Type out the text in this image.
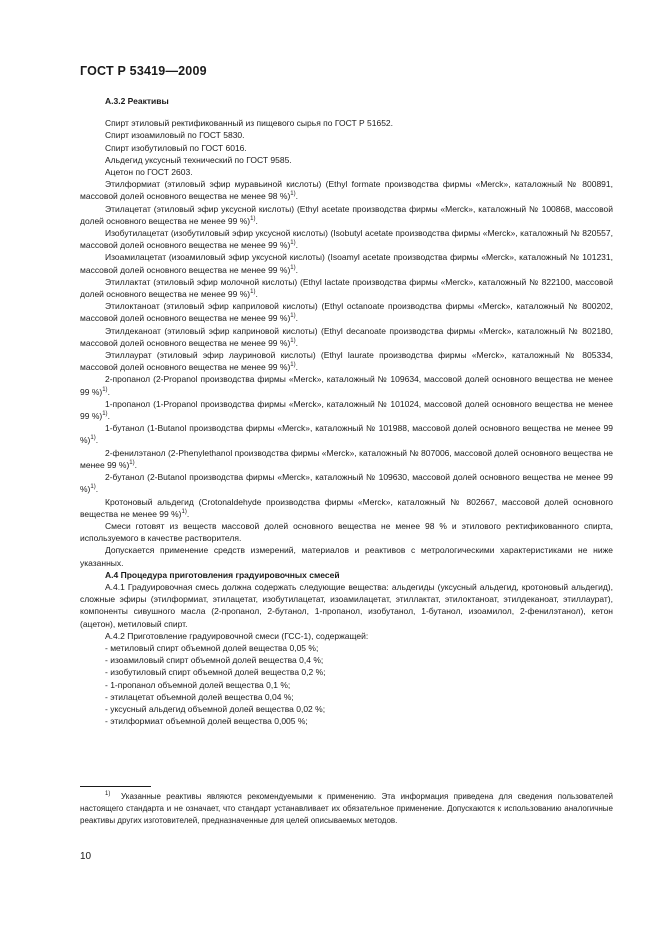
ГОСТ Р 53419—2009
А.3.2 Реактивы

Спирт этиловый ректификованный из пищевого сырья по ГОСТ Р 51652.

Спирт изоамиловый по ГОСТ 5830.

Спирт изобутиловый по ГОСТ 6016.

Альдегид уксусный технический по ГОСТ 9585.

Ацетон по ГОСТ 2603.

Этилформиат (этиловый эфир муравьиной кислоты) (Ethyl formate производства фирмы «Merck», каталожный № 800891, массовой долей основного вещества не менее 98 %)$^{1)}$.

Этилацетат (этиловый эфир уксусной кислоты) (Ethyl acetate производства фирмы «Merck», каталожный № 100868, массовой долей основного вещества не менее 99 %)$^{1)}$.

Изобутилацетат (изобутиловый эфир уксусной кислоты) (Isobutyl acetate производства фирмы «Merck», каталожный № 820557, массовой долей основного вещества не менее 99 %)$^{1)}$.

Изоамилацетат (изоамиловый эфир уксусной кислоты) (Isoamyl acetate производства фирмы «Merck», каталожный № 101231, массовой долей основного вещества не менее 99 %)$^{1)}$.

Этиллактат (этиловый эфир молочной кислоты) (Ethyl lactate производства фирмы «Merck», каталожный № 822100, массовой долей основного вещества не менее 99 %)$^{1)}$.

Этилоктаноат (этиловый эфир каприловой кислоты) (Ethyl octanoate производства фирмы «Merck», каталожный № 800202, массовой долей основного вещества не менее 99 %)$^{1)}$.

Этилдеканоат (этиловый эфир каприновой кислоты) (Ethyl decanoate производства фирмы «Merck», каталожный № 802180, массовой долей основного вещества не менее 99 %)$^{1)}$.

Этиллаурат (этиловый эфир лауриновой кислоты) (Ethyl laurate производства фирмы «Merck», каталожный № 805334, массовой долей основного вещества не менее 99 %)$^{1)}$.

2-пропанол (2-Propanol производства фирмы «Merck», каталожный № 109634, массовой долей основного вещества не менее 99 %)$^{1)}$.

1-пропанол (1-Propanol производства фирмы «Merck», каталожный № 101024, массовой долей основного вещества не менее 99 %)$^{1)}$.

1-бутанол (1-Butanol производства фирмы «Merck», каталожный № 101988, массовой долей основного вещества не менее 99 %)$^{1)}$.

2-фенилэтанол (2-Phenylethanol производства фирмы «Merck», каталожный № 807006, массовой долей основного вещества не менее 99 %)$^{1)}$.

2-бутанол (2-Butanol производства фирмы «Merck», каталожный № 109630, массовой долей основного вещества не менее 99 %)$^{1)}$.

Кротоновый альдегид (Crotonaldehyde производства фирмы «Merck», каталожный № 802667, массовой долей основного вещества не менее 99 %)$^{1)}$.

Смеси готовят из веществ массовой долей основного вещества не менее 98 % и этилового ректификованного спирта, используемого в качестве растворителя.

Допускается применение средств измерений, материалов и реактивов с метрологическими характеристиками не ниже указанных.

А.4 Процедура приготовления градуировочных смесей

А.4.1 Градуировочная смесь должна содержать следующие вещества: альдегиды (уксусный альдегид, кротоновый альдегид), сложные эфиры (этилформиат, этилацетат, изобутилацетат, изоамилацетат, этиллактат, этилоктаноат, этилдеканоат, этиллаурат), компоненты сивушного масла (2-пропанол, 2-бутанол, 1-пропанол, изобутанол, 1-бутанол, изоамилол, 2-фенилэтанол), кетон (ацетон), метиловый спирт.

А.4.2 Приготовление градуировочной смеси (ГСС-1), содержащей:

- метиловый спирт объемной долей вещества 0,05 %;
- изоамиловый спирт объемной долей вещества 0,4 %;
- изобутиловый спирт объемной долей вещества 0,2 %;
- 1-пропанол объемной долей вещества 0,1 %;
- этилацетат объемной долей вещества 0,04 %;
- уксусный альдегид объемной долей вещества 0,02 %;
- этилформиат объемной долей вещества 0,005 %;
$^{1)}$ Указанные реактивы являются рекомендуемыми к применению. Эта информация приведена для сведения пользователей настоящего стандарта и не означает, что стандарт устанавливает их обязательное применение. Допускаются к использованию аналогичные реактивы других изготовителей, предназначенные для целей описываемых методов.
10
